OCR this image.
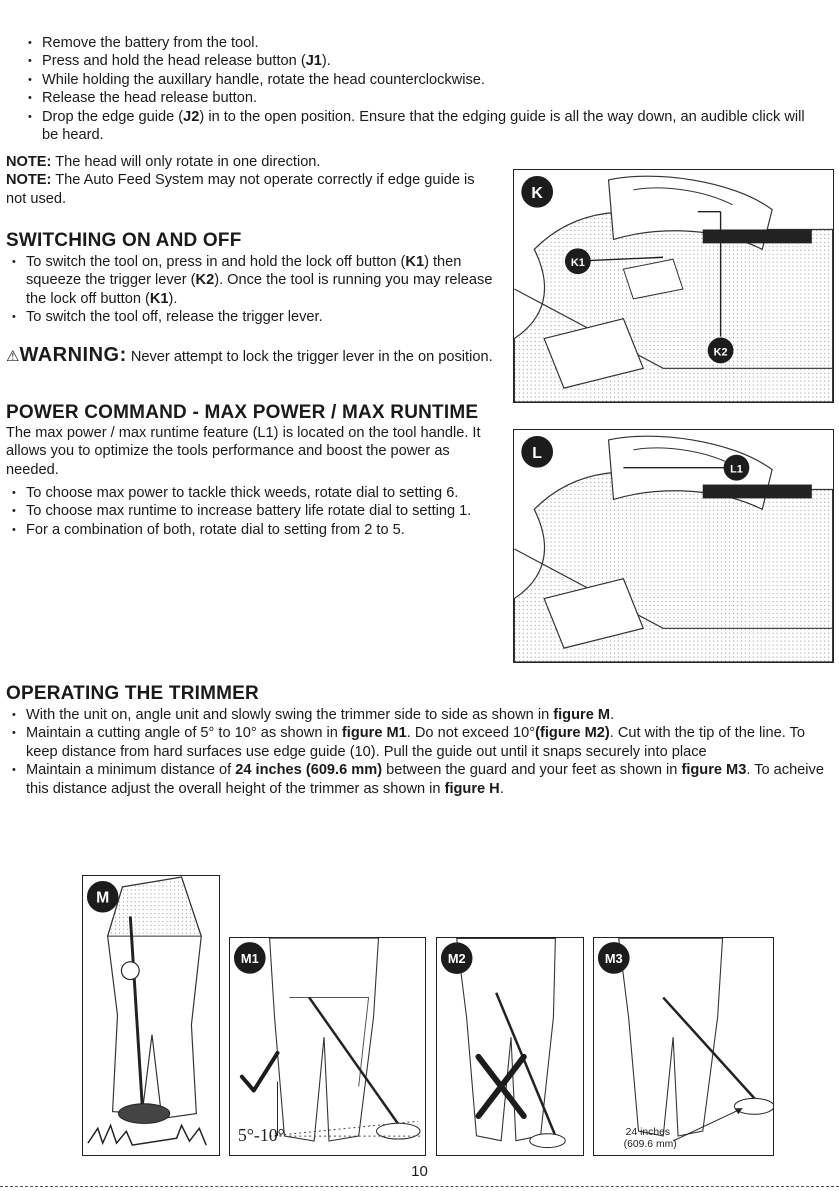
• Remove the battery from the tool.
• Press and hold the head release button (J1).
• While holding the auxillary handle, rotate the head counterclockwise.
• Release the head release button.
• Drop the edge guide (J2) in to the open position. Ensure that the edging guide is all the way down, an audible click will be heard.

NOTE: The head will only rotate in one direction.

NOTE: The Auto Feed System may not operate correctly if edge guide is not used.

SWITCHING ON AND OFF
• To switch the tool on, press in and hold the lock off button (K1) then squeeze the trigger lever (K2). Once the tool is running you may release the lock off button (K1).
• To switch the tool off, release the trigger lever.
⚠WARNING: Never attempt to lock the trigger lever in the on position.
POWER COMMAND - MAX POWER / MAX RUNTIME

The max power / max runtime feature (L1) is located on the tool handle. It allows you to optimize the tools performance and boost the power as needed.

• To choose max power to tackle thick weeds, rotate dial to setting 6.
• To choose max runtime to increase battery life rotate dial to setting 1.
• For a combination of both, rotate dial to setting from 2 to 5.
OPERATING THE TRIMMER
• With the unit on, angle unit and slowly swing the trimmer side to side as shown in figure M.
• Maintain a cutting angle of 5° to 10° as shown in figure M1. Do not exceed 10°(figure M2). Cut with the tip of the line. To keep distance from hard surfaces use edge guide (10). Pull the guide out until it snaps securely into place
• Maintain a minimum distance of 24 inches (609.6 mm) between the guard and your feet as shown in figure M3. To acheive this distance adjust the overall height of the trimmer as shown in figure H.
K
K1
K2
L
L1
M
5°-10°
M1	M2
24 inches
(609.6 mm)
M3
10
